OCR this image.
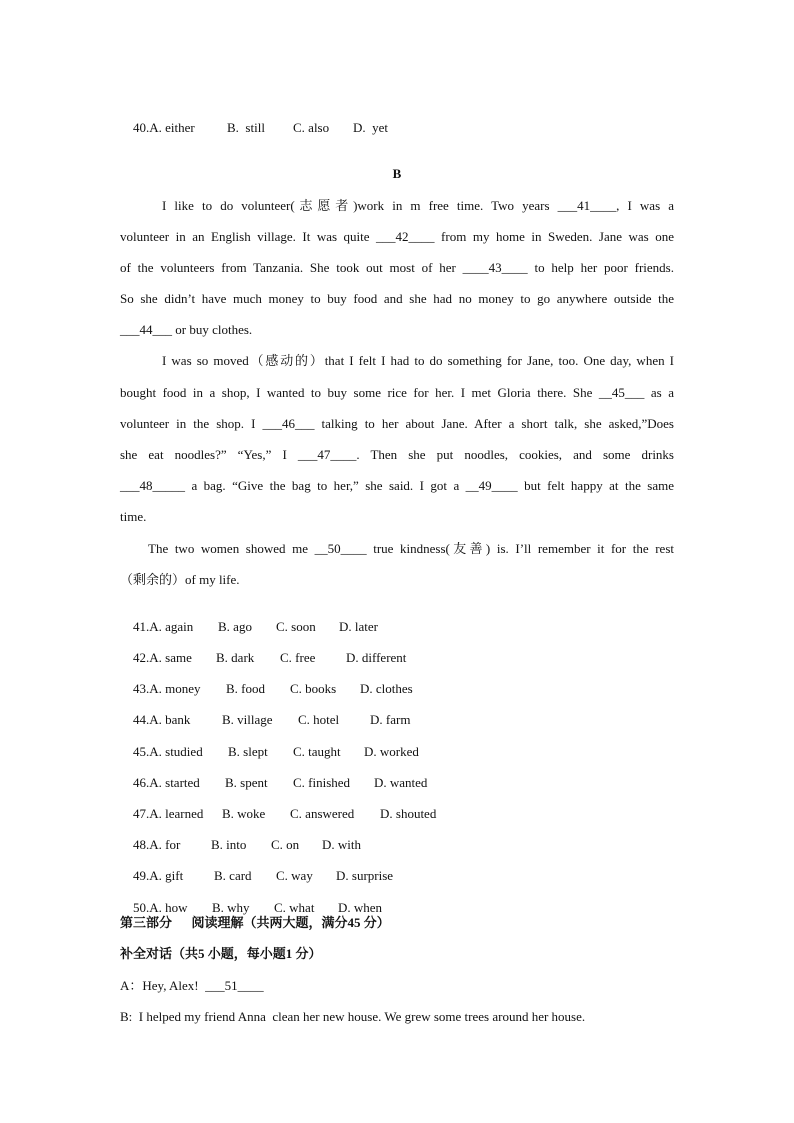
40.A. either B.  still C. also D.  yet

B
I like to do volunteer(志愿者)work in m free time. Two years ___41____, I was a
volunteer in an English village. It was quite ___42____ from my home in Sweden. Jane was one
of the volunteers from Tanzania. She took out most of her ____43____ to help her poor friends.
So she didn’t have much money to buy food and she had no money to go anywhere outside the
___44___ or buy clothes.
I was so moved（感动的）that I felt I had to do something for Jane, too. One day, when I
bought food in a shop, I wanted to buy some rice for her. I met Gloria there. She __45___ as a
volunteer in the shop. I ___46___ talking to her about Jane. After a short talk, she asked,”Does
she eat noodles?” “Yes,” I ___47____. Then she put noodles, cookies, and some drinks
___48_____ a bag. “Give the bag to her,” she said. I got a __49____ but felt happy at the same
time.
The two women showed me __50____ true kindness(友善) is. I’ll remember it for the rest
（剩余的）of my life.

41.A. again B. ago C. soon D. later

42.A. same B. dark C. free D. different

43.A. money B. food C. books D. clothes

44.A. bank B. village C. hotel D. farm

45.A. studied B. slept C. taught D. worked

46.A. started B. spent C. finished D. wanted

47.A. learned B. woke C. answered D. shouted

48.A. for B. into C. on D. with

49.A. gift B. card C. way D. surprise

50.A. how B. why C. what D. when

第三部分      阅读理解（共两大题，满分45 分）
补全对话（共5 小题，每小题1 分）
A：Hey, Alex!  ___51____
B:  I helped my friend Anna  clean her new house. We grew some trees around her house.
